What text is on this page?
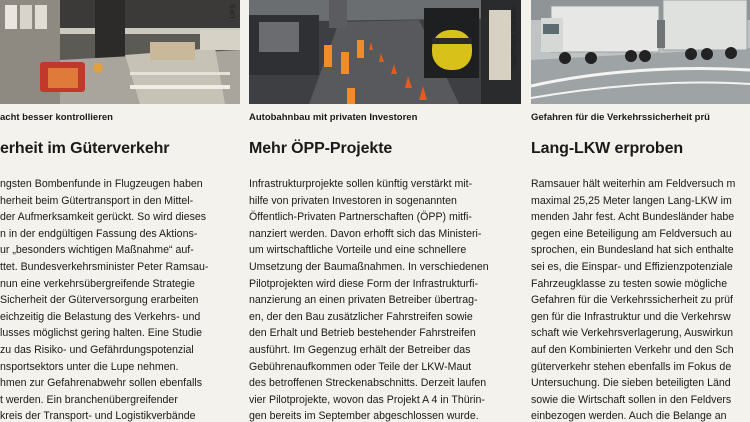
UPS
acht besser kontrollieren
erheit im Güterverkehr
ngsten Bombenfunde in Flugzeugen haben
herheit beim Gütertransport in den Mittel-
der Aufmerksamkeit gerückt. So wird dieses
n in der endgültigen Fassung des Aktions-
ur „besonders wichtigen Maßnahme“ auf-
ttet. Bundesverkehrsminister Peter Ramsau-
nun eine verkehrsübergreifende Strategie
Sicherheit der Güterversorgung erarbeiten
eichzeitig die Belastung des Verkehrs- und
lusses möglichst gering halten. Eine Studie
zu das Risiko- und Gefährdungspotenzial
nsportsektors unter die Lupe nehmen.
hmen zur Gefahrenabwehr sollen ebenfalls
t werden. Ein branchenübergreifender
kreis der Transport- und Logistikverbände
ddp/Philipp Guelland
Autobahnbau mit privaten Investoren
Mehr ÖPP-Projekte
Infrastrukturprojekte sollen künftig verstärkt mit-
hilfe von privaten Investoren in sogenannten
Öffentlich-Privaten Partnerschaften (ÖPP) mitfi-
nanziert werden. Davon erhofft sich das Ministeri-
um wirtschaftliche Vorteile und eine schnellere
Umsetzung der Baumaßnahmen. In verschiedenen
Pilotprojekten wird diese Form der Infrastrukturfi-
nanzierung an einen privaten Betreiber übertrag-
en, der den Bau zusätzlicher Fahrstreifen sowie
den Erhalt und Betrieb bestehender Fahrstreifen
ausführt. Im Gegenzug erhält der Betreiber das
Gebührenaufkommen oder Teile der LKW-Maut
des betroffenen Streckenabschnitts. Derzeit laufen
vier Pilotprojekte, wovon das Projekt A 4 in Thürin-
gen bereits im September abgeschlossen wurde.
Gefahren für die Verkehrssicherheit prü
Lang-LKW erproben
Ramsauer hält weiterhin am Feldversuch m
maximal 25,25 Meter langen Lang-LKW im
menden Jahr fest. Acht Bundesländer habe
gegen eine Beteiligung am Feldversuch au
sprochen, ein Bundesland hat sich enthalte
sei es, die Einspar- und Effizienzpotenziale
Fahrzeugklasse zu testen sowie mögliche
Gefahren für die Verkehrssicherheit zu prüf
gen für die Infrastruktur und die Verkehrsw
schaft wie Verkehrsverlagerung, Auswirkun
auf den Kombinierten Verkehr und den Sch
güterverkehr stehen ebenfalls im Fokus de
Untersuchung. Die sieben beteiligten Länd
sowie die Wirtschaft sollen in den Feldvers
einbezogen werden. Auch die Belange an
